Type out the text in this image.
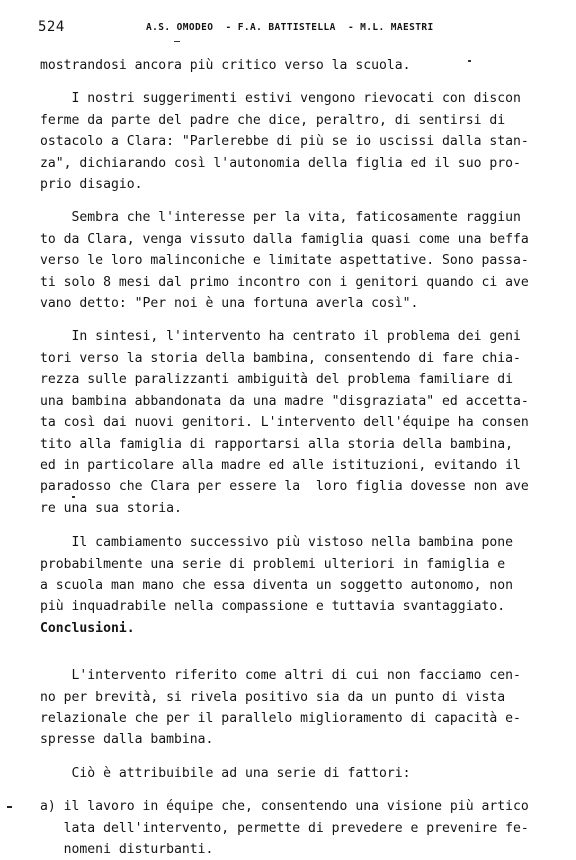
524	A.S. OMODEO  - F.A. BATTISTELLA  - M.L. MAESTRI
mostrandosi ancora più critico verso la scuola.
I nostri suggerimenti estivi vengono rievocati con discon
ferme da parte del padre che dice, peraltro, di sentirsi di
ostacolo a Clara: "Parlerebbe di più se io uscissi dalla stan-
za", dichiarando così l'autonomia della figlia ed il suo pro-
prio disagio.
Sembra che l'interesse per la vita, faticosamente raggiun
to da Clara, venga vissuto dalla famiglia quasi come una beffa
verso le loro malinconiche e limitate aspettative. Sono passa-
ti solo 8 mesi dal primo incontro con i genitori quando ci ave
vano detto: "Per noi è una fortuna averla così".
In sintesi, l'intervento ha centrato il problema dei geni
tori verso la storia della bambina, consentendo di fare chia-
rezza sulle paralizzanti ambiguità del problema familiare di
una bambina abbandonata da una madre "disgraziata" ed accetta-
ta così dai nuovi genitori. L'intervento dell'équipe ha consen
tito alla famiglia di rapportarsi alla storia della bambina,
ed in particolare alla madre ed alle istituzioni, evitando il
paradosso che Clara per essere la  loro figlia dovesse non ave
re una sua storia.
Il cambiamento successivo più vistoso nella bambina pone
probabilmente una serie di problemi ulteriori in famiglia e
a scuola man mano che essa diventa un soggetto autonomo, non
più inquadrabile nella compassione e tuttavia svantaggiato.
Conclusioni.
L'intervento riferito come altri di cui non facciamo cen-
no per brevità, si rivela positivo sia da un punto di vista
relazionale che per il parallelo miglioramento di capacità e-
spresse dalla bambina.
Ciò è attribuibile ad una serie di fattori:
a) il lavoro in équipe che, consentendo una visione più artico
lata dell'intervento, permette di prevedere e prevenire fe-
nomeni disturbanti.
